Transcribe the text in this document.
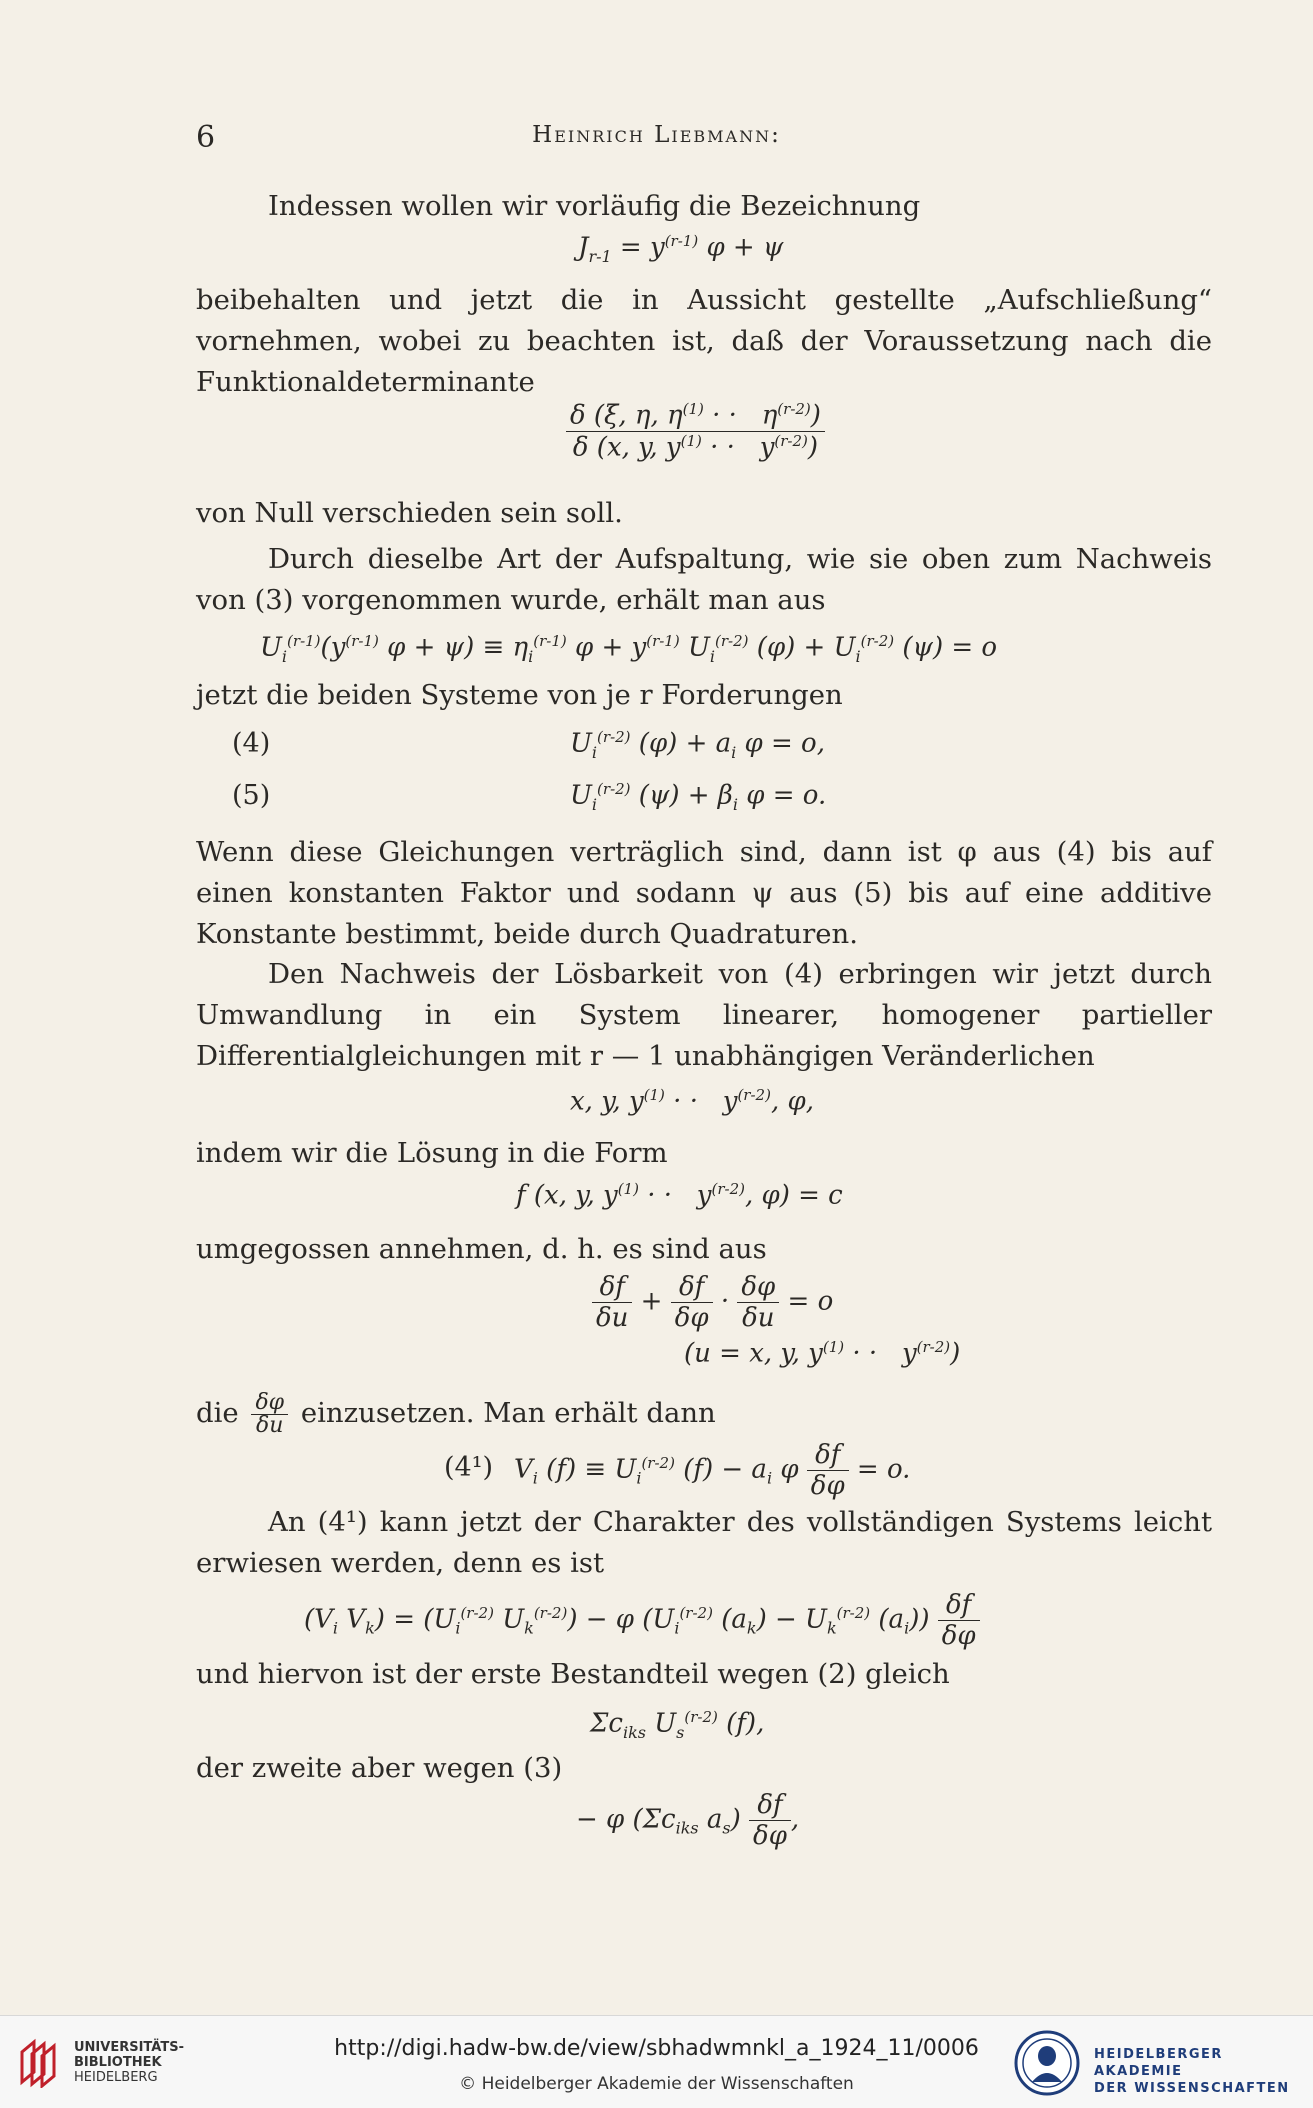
6	Heinrich Liebmann:
Indessen wollen wir vorläufig die Bezeichnung
$J_{r-1} = y^{(r-1)}$ φ + ψ
beibehalten und jetzt die in Aussicht gestellte „Aufschließung“ vornehmen, wobei zu beachten ist, daß der Voraussetzung nach die Funktionaldeterminante
$\frac{\delta (\xi, \eta, \eta^{(1)} \cdot \cdot \eta^{(r-2)})}{\delta (x, y, y^{(1)} \cdot \cdot y^{(r-2)})}$
von Null verschieden sein soll.
Durch dieselbe Art der Aufspaltung, wie sie oben zum Nachweis von (3) vorgenommen wurde, erhält man aus
$U_i^{(r-1)}(y^{(r-1)}$ $\varphi + \psi) \equiv \eta_i^{(r-1)}$ $\varphi + y^{(r-1)}$ $U_i^{(r-2)}$ $(\varphi) + U_i^{(r-2)}$ (ψ) = o
jetzt die beiden Systeme von je r Forderungen
(4)	$U_i^{(r-2)}$ $(\varphi) + a_i$ φ = o,
(5)	$U_i^{(r-2)}$ $(\psi) + \beta_i$ φ = o.
Wenn diese Gleichungen verträglich sind, dann ist φ aus (4) bis auf einen konstanten Faktor und sodann ψ aus (5) bis auf eine additive Konstante bestimmt, beide durch Quadraturen.
Den Nachweis der Lösbarkeit von (4) erbringen wir jetzt durch Umwandlung in ein System linearer, homogener partieller Differentialgleichungen mit r — 1 unabhängigen Veränderlichen
x, y, $y^{(1)}$ · ·   $y^{(r-2)}$, φ,
indem wir die Lösung in die Form
f (x, y, $y^{(1)}$ · ·   $y^{(r-2)}$, φ) = c
umgegossen annehmen, d. h. es sind aus
$\frac{\delta f}{\delta u} + \frac{\delta f}{\delta\varphi} \cdot \frac{\delta\varphi}{\delta u} = o$
(u = x, y, $y^{(1)}$ · ·   $y^{(r-2)}$)
die $\frac{\delta\varphi}{\delta u}$ einzusetzen. Man erhält dann
(4¹) $V_i$ $(f) \equiv U_i^{(r-2)}$ $(f) - a_i$ φ $\frac{\delta f}{\delta\varphi} = o$.
An (4¹) kann jetzt der Charakter des vollständigen Systems leicht erwiesen werden, denn es ist
($V_i$ $V_k) = (U_i^{(r-2)}$ $U_k^{(r-2)}) - \varphi$ ($U_i^{(r-2)}$ $(a_k) - U_k^{(r-2)}$ $(a_i)) \frac{\delta f}{\delta\varphi}$
und hiervon ist der erste Bestandteil wegen (2) gleich
$\Sigma c_{iks}$ $U_s^{(r-2)}$ (f),
der zweite aber wegen (3)
− φ ($\Sigma c_{iks}$ $a_s) \frac{\delta f}{\delta\varphi}$ ,
UNIVERSITÄTS-
BIBLIOTHEK
HEIDELBERG
http://digi.hadw-bw.de/view/sbhadwmnkl_a_1924_11/0006
© Heidelberger Akademie der Wissenschaften
HEIDELBERGER AKADEMIE
DER WISSENSCHAFTEN
